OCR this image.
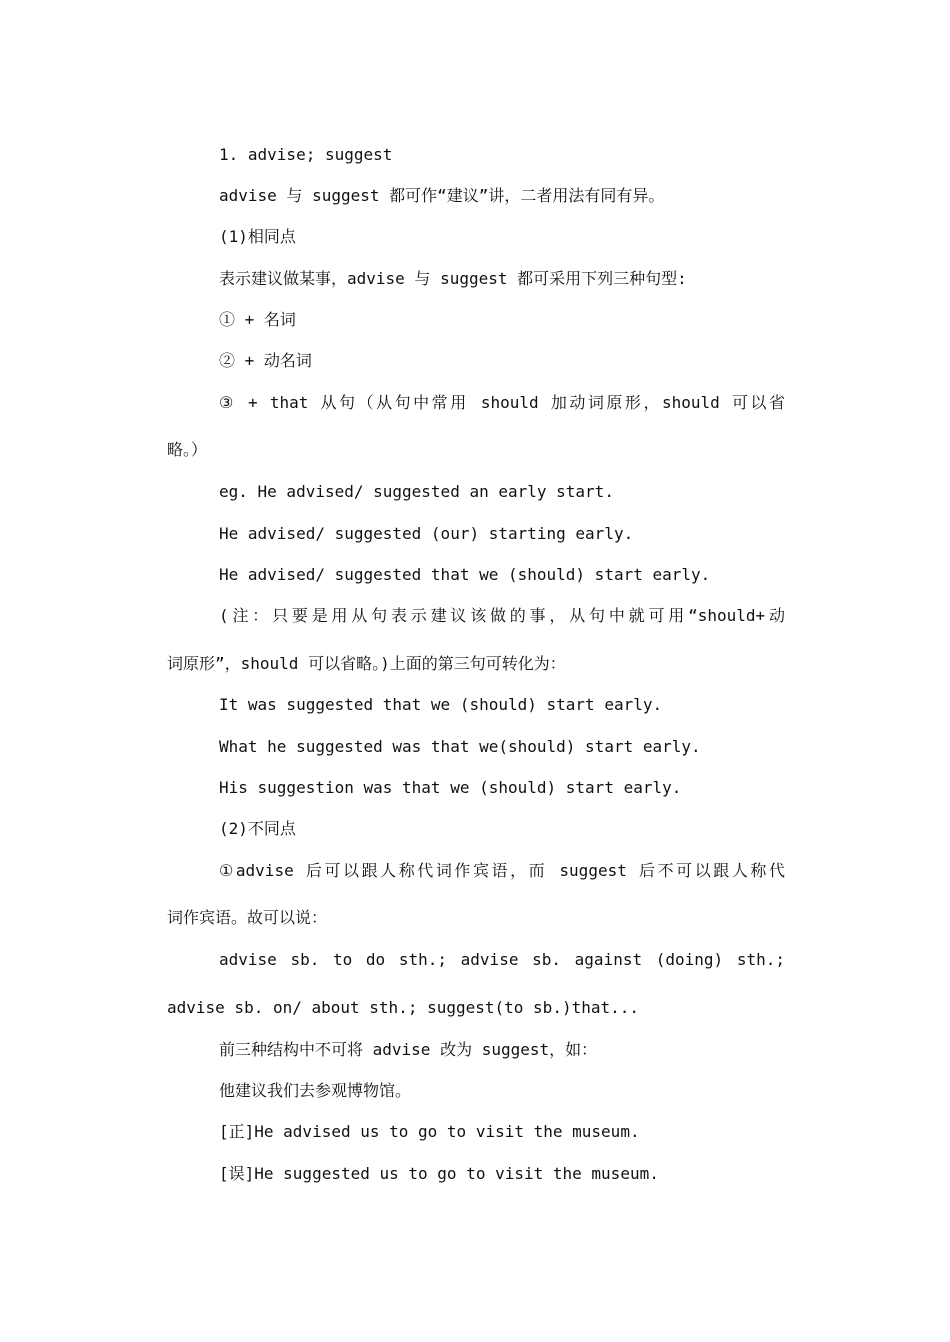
1. advise; suggest
advise 与 suggest 都可作“建议”讲，二者用法有同有异。
(1)相同点
表示建议做某事，advise 与 suggest 都可采用下列三种句型:
① + 名词
② + 动名词
③ + that 从句（从句中常用 should 加动词原形，should 可以省
略。）
eg. He advised/ suggested an early start.
He advised/ suggested (our) starting early.
He advised/ suggested that we (should) start early.
(注：只要是用从句表示建议该做的事，从句中就可用“should+动
词原形”，should 可以省略。)上面的第三句可转化为：
It was suggested that we (should) start early.
What he suggested was that we(should) start early.
His suggestion was that we (should) start early.
(2)不同点
①advise 后可以跟人称代词作宾语，而 suggest 后不可以跟人称代
词作宾语。故可以说：
advise sb. to do sth.; advise sb. against (doing) sth.;
advise sb. on/ about sth.; suggest(to sb.)that...
前三种结构中不可将 advise 改为 suggest，如：
他建议我们去参观博物馆。
[正]He advised us to go to visit the museum.
[误]He suggested us to go to visit the museum.
